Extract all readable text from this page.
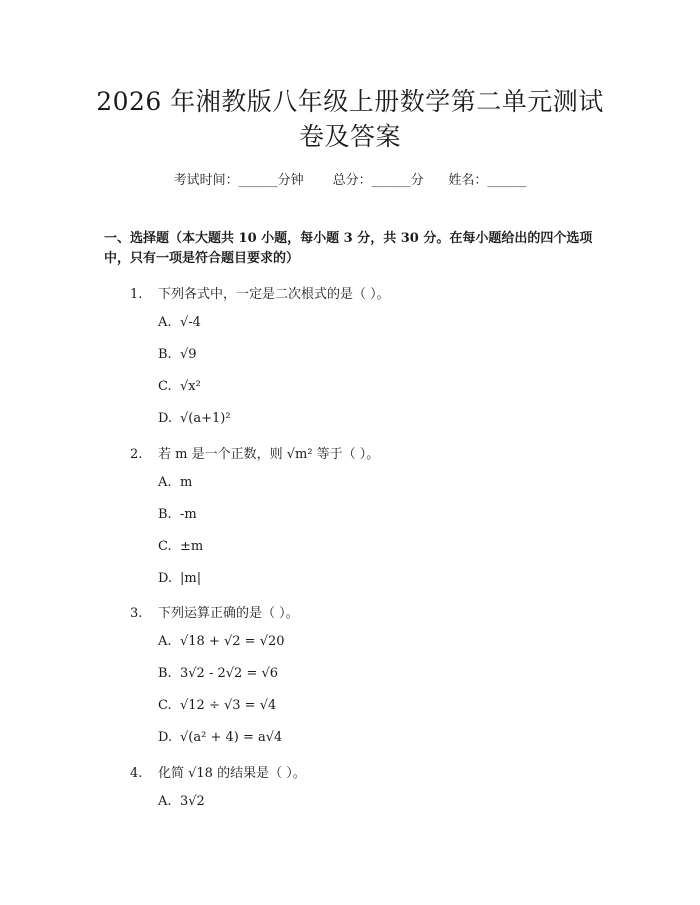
2026 年湘教版八年级上册数学第二单元测试
卷及答案
考试时间：______分钟 总分：______分 姓名：______

一、选择题（本大题共 10 小题，每小题 3 分，共 30 分。在每小题给出的四个选项中，只有一项是符合题目要求的）

1. 下列各式中，一定是二次根式的是（ ）。
A. √-4
B. √9
C. √x²
D. √(a+1)²
2. 若 m 是一个正数，则 √m² 等于（ ）。
A. m
B. -m
C. ±m
D. |m|
3. 下列运算正确的是（ ）。
A. √18 + √2 = √20
B. 3√2 - 2√2 = √6
C. √12 ÷ √3 = √4
D. √(a² + 4) = a√4
4. 化简 √18 的结果是（ ）。
A. 3√2
